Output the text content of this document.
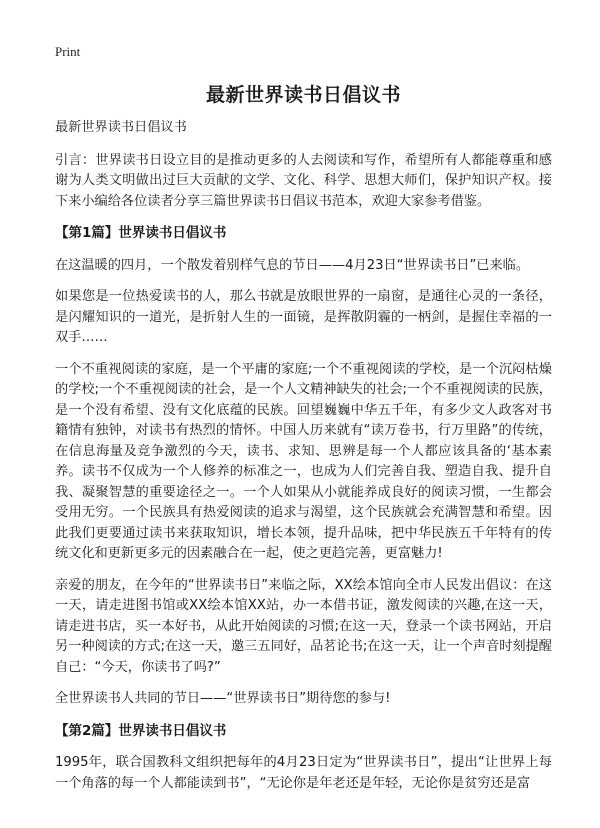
Print
最新世界读书日倡议书

最新世界读书日倡议书

引言：世界读书日设立目的是推动更多的人去阅读和写作，希望所有人都能尊重和感谢为人类文明做出过巨大贡献的文学、文化、科学、思想大师们，保护知识产权。接下来小编给各位读者分享三篇世界读书日倡议书范本，欢迎大家参考借鉴。

【第1篇】世界读书日倡议书

在这温暖的四月，一个散发着别样气息的节日——4月23日“世界读书日”已来临。

如果您是一位热爱读书的人，那么书就是放眼世界的一扇窗，是通往心灵的一条径，是闪耀知识的一道光，是折射人生的一面镜，是挥散阴霾的一柄剑，是握住幸福的一双手……

一个不重视阅读的家庭，是一个平庸的家庭;一个不重视阅读的学校，是一个沉闷枯燥的学校;一个不重视阅读的社会，是一个人文精神缺失的社会;一个不重视阅读的民族，是一个没有希望、没有文化底蕴的民族。回望巍巍中华五千年，有多少文人政客对书籍情有独钟，对读书有热烈的情怀。中国人历来就有“读万卷书，行万里路”的传统，在信息海量及竞争激烈的今天，读书、求知、思辨是每一个人都应该具备的‘基本素养。读书不仅成为一个人修养的标准之一，也成为人们完善自我、塑造自我、提升自我、凝聚智慧的重要途径之一。一个人如果从小就能养成良好的阅读习惯，一生都会受用无穷。一个民族具有热爱阅读的追求与渴望，这个民族就会充满智慧和希望。因此我们更要通过读书来获取知识，增长本领，提升品味，把中华民族五千年特有的传统文化和更新更多元的因素融合在一起，使之更趋完善，更富魅力!

亲爱的朋友，在今年的“世界读书日”来临之际，XX绘本馆向全市人民发出倡议：在这一天，请走进图书馆或XX绘本馆XX站，办一本借书证，激发阅读的兴趣,在这一天，请走进书店，买一本好书，从此开始阅读的习惯;在这一天，登录一个读书网站，开启另一种阅读的方式;在这一天，邀三五同好，品茗论书;在这一天，让一个声音时刻提醒自己：“今天，你读书了吗?”

全世界读书人共同的节日——“世界读书日”期待您的参与!

【第2篇】世界读书日倡议书

1995年，联合国教科文组织把每年的4月23日定为“世界读书日”，提出“让世界上每一个角落的每一个人都能读到书”，“无论你是年老还是年轻，无论你是贫穷还是富
